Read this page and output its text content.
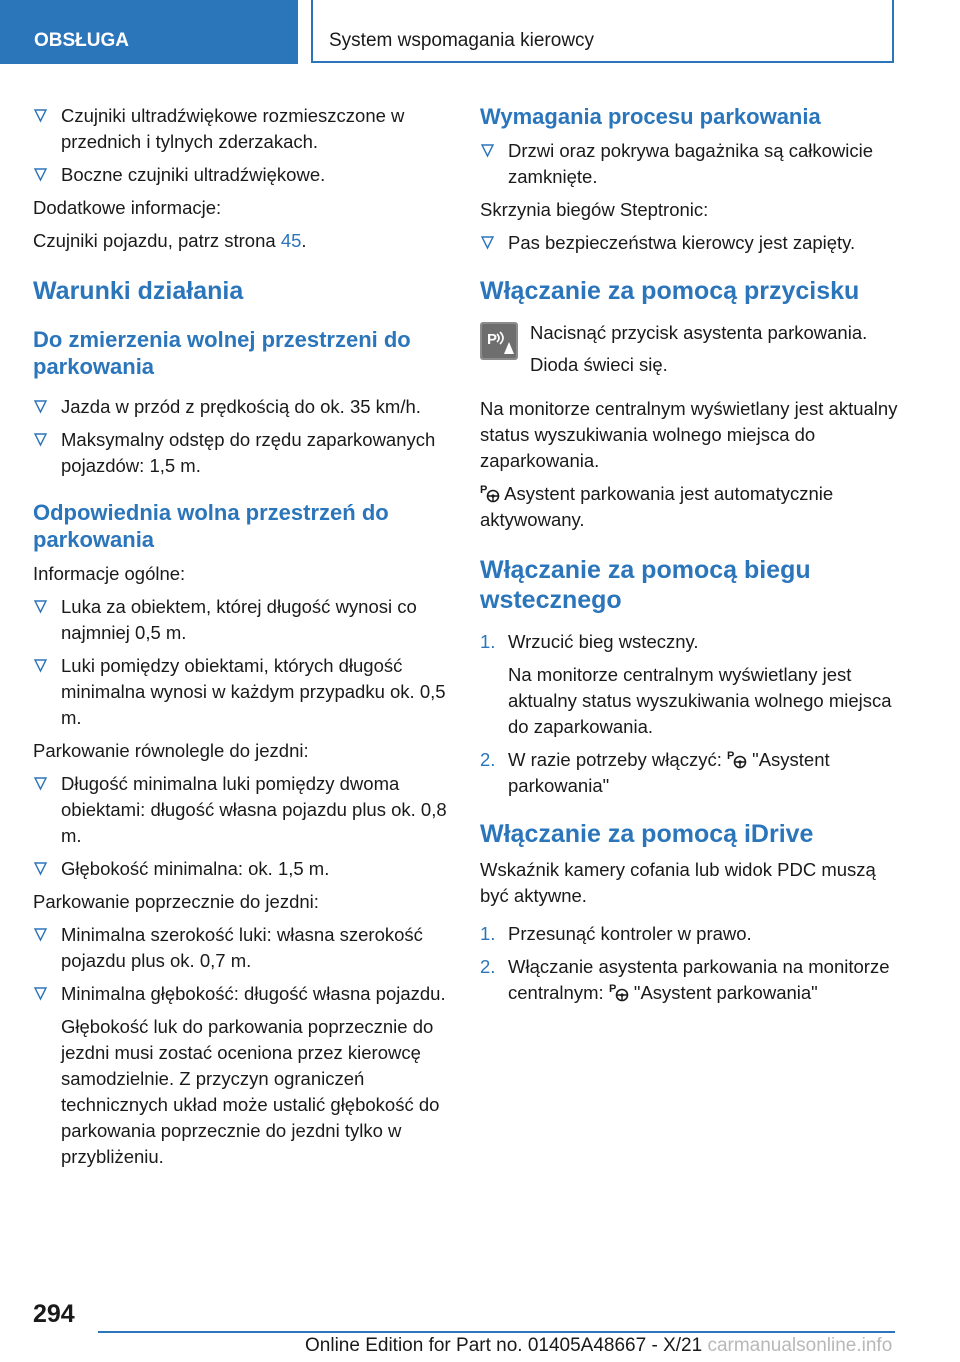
OBSŁUGA	System wspomagania kierowcy
Czujniki ultradźwiękowe rozmieszczone w przednich i tylnych zderzakach.
Boczne czujniki ultradźwiękowe.

Dodatkowe informacje:

Czujniki pojazdu, patrz strona 45.

Warunki działania
Do zmierzenia wolnej przestrzeni do parkowania
Jazda w przód z prędkością do ok. 35 km/h.
Maksymalny odstęp do rzędu zaparkowanych pojazdów: 1,5 m.
Odpowiednia wolna przestrzeń do parkowania

Informacje ogólne:

Luka za obiektem, której długość wynosi co najmniej 0,5 m.
Luki pomiędzy obiektami, których długość minimalna wynosi w każdym przypadku ok. 0,5 m.

Parkowanie równolegle do jezdni:

Długość minimalna luki pomiędzy dwoma obiektami: długość własna pojazdu plus ok. 0,8 m.
Głębokość minimalna: ok. 1,5 m.

Parkowanie poprzecznie do jezdni:

Minimalna szerokość luki: własna szerokość pojazdu plus ok. 0,7 m.
Minimalna głębokość: długość własna pojazdu.

Głębokość luk do parkowania poprzecznie do jezdni musi zostać oceniona przez kierowcę samodzielnie. Z przyczyn ograniczeń technicznych układ może ustalić głębokość do parkowania poprzecznie do jezdni tylko w przybliżeniu.

Wymagania procesu parkowania
Drzwi oraz pokrywa bagażnika są całkowicie zamknięte.

Skrzynia biegów Steptronic:

Pas bezpieczeństwa kierowcy jest zapięty.
Włączanie za pomocą przycisku
P Nacisnąć przycisk asystenta parkowania.
Dioda świeci się.

Na monitorze centralnym wyświetlany jest aktualny status wyszukiwania wolnego miejsca do zaparkowania.

P Asystent parkowania jest automatycznie aktywowany.

Włączanie za pomocą biegu wstecznego
1. Wrzucić bieg wsteczny.

Na monitorze centralnym wyświetlany jest aktualny status wyszukiwania wolnego miejsca do zaparkowania.

2. W razie potrzeby włączyć: P "Asystent parkowania"
Włączanie za pomocą iDrive

Wskaźnik kamery cofania lub widok PDC muszą być aktywne.

1. Przesunąć kontroler w prawo.
2. Włączanie asystenta parkowania na monitorze centralnym: P "Asystent parkowania"
294
Online Edition for Part no. 01405A48667 - X/21 carmanualsonline.info
